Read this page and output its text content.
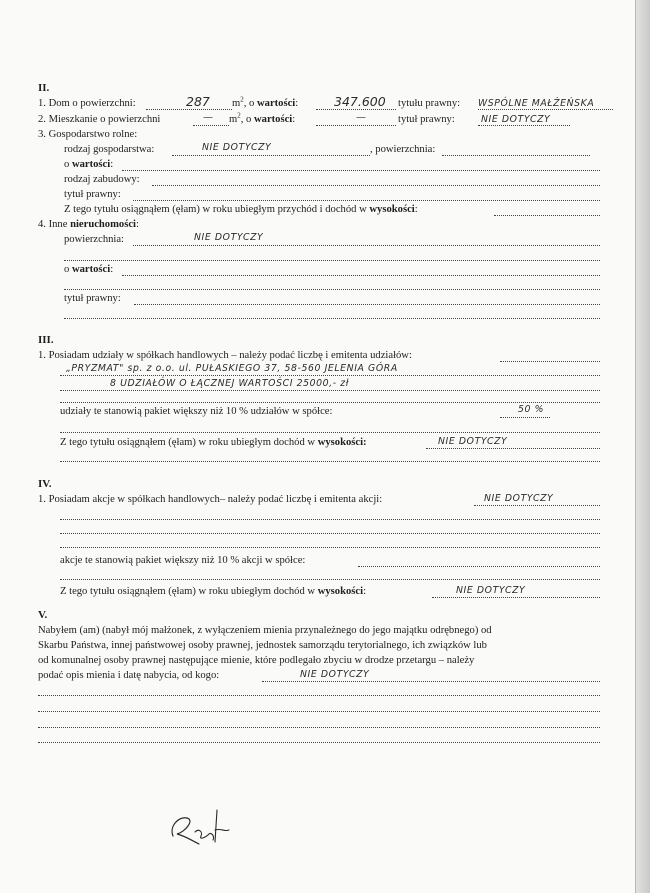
II.
1. Dom o powierzchni:	287 $m^2$, o wartości:	347.600 tytułu prawny: WSPÓLNE MAŁŻEŃSKA
2. Mieszkanie o powierzchni	— $m^2$, o wartości:	—	tytuł prawny:	NIE DOTYCZY
3. Gospodarstwo rolne:
rodzaj gospodarstwa:	NIE DOTYCZY	, powierzchnia:
o wartości:
rodzaj zabudowy:
tytuł prawny:
Z tego tytułu osiągnąłem (ęłam) w roku ubiegłym przychód i dochód w wysokości:
4. Inne nieruchomości:
powierzchnia:	NIE DOTYCZY
o wartości:
tytuł prawny:
III.
1. Posiadam udziały w spółkach handlowych – należy podać liczbę i emitenta udziałów:
„PRYZMAT" sp. z o.o. ul. PUŁASKIEGO 37, 58-560 JELENIA GÓRA
8 UDZIAŁÓW O ŁĄCZNEJ WARTOŚCI 25000,- zł
udziały te stanowią pakiet większy niż 10 % udziałów w spółce:	50 %
Z tego tytułu osiągnąłem (ęłam) w roku ubiegłym dochód w wysokości:	NIE DOTYCZY
IV.
1. Posiadam akcje w spółkach handlowych– należy podać liczbę i emitenta akcji:	NIE DOTYCZY
akcje te stanowią pakiet większy niż 10 % akcji w spółce:
Z tego tytułu osiągnąłem (ęłam) w roku ubiegłym dochód w wysokości:	NIE DOTYCZY
V.
Nabyłem (am) (nabył mój małżonek, z wyłączeniem mienia przynależnego do jego majątku odrębnego) od
Skarbu Państwa, innej państwowej osoby prawnej, jednostek samorządu terytorialnego, ich związków lub
od komunalnej osoby prawnej następujące mienie, które podlegało zbyciu w drodze przetargu – należy
podać opis mienia i datę nabycia, od kogo:	NIE DOTYCZY
